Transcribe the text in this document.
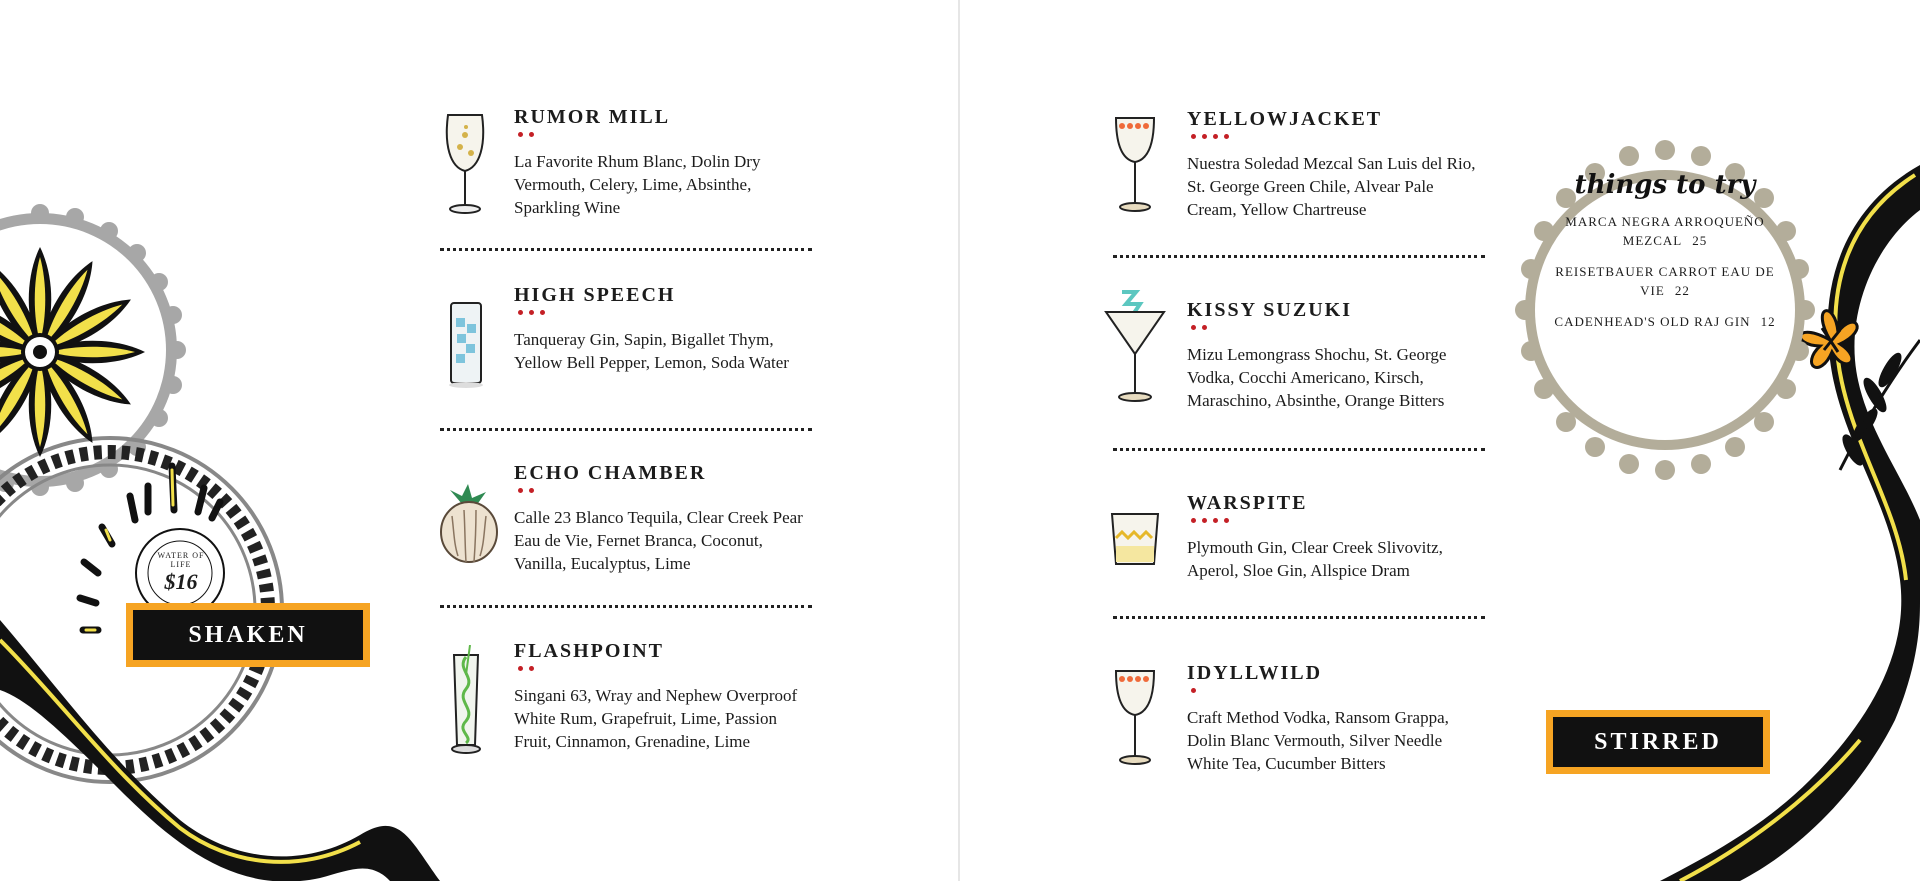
WATER OF LIFE
$16
SHAKEN
RUMOR MILL
La Favorite Rhum Blanc, Dolin Dry Vermouth, Celery, Lime, Absinthe, Sparkling Wine
HIGH SPEECH
Tanqueray Gin, Sapin, Bigallet Thym, Yellow Bell Pepper, Lemon, Soda Water
ECHO CHAMBER
Calle 23 Blanco Tequila, Clear Creek Pear Eau de Vie, Fernet Branca, Coconut, Vanilla, Eucalyptus, Lime
FLASHPOINT
Singani 63, Wray and Nephew Overproof White Rum, Grapefruit, Lime, Passion Fruit, Cinnamon, Grenadine, Lime
things to try
MARCA NEGRA ARROQUEÑO MEZCAL 25
REISETBAUER CARROT EAU DE VIE 22
CADENHEAD'S OLD RAJ GIN 12
STIRRED
YELLOWJACKET
Nuestra Soledad Mezcal San Luis del Rio, St. George Green Chile, Alvear Pale Cream, Yellow Chartreuse
KISSY SUZUKI
Mizu Lemongrass Shochu, St. George Vodka, Cocchi Americano, Kirsch, Maraschino, Absinthe, Orange Bitters
WARSPITE
Plymouth Gin, Clear Creek Slivovitz, Aperol, Sloe Gin, Allspice Dram
IDYLLWILD
Craft Method Vodka, Ransom Grappa, Dolin Blanc Vermouth, Silver Needle White Tea, Cucumber Bitters
